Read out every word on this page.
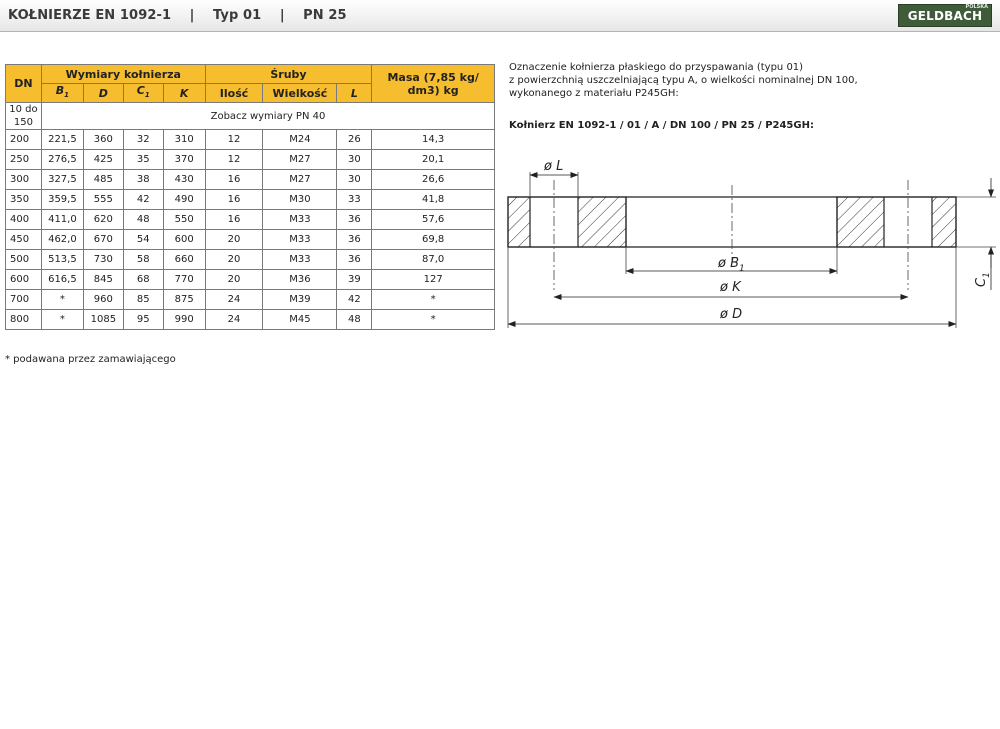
KOŁNIERZE EN 1092-1    |    Typ 01    |    PN 25
POLSKA
GELDBACH
DN	Wymiary kołnierza				Śruby			Masa (7,85 kg/ dm3) kg
	$B_1$	D	$C_1$	K	Ilość	Wielkość	L	
10 do 150	Zobacz wymiary PN 40							
200	221,5	360	32	310	12	M24	26	14,3
250	276,5	425	35	370	12	M27	30	20,1
300	327,5	485	38	430	16	M27	30	26,6
350	359,5	555	42	490	16	M30	33	41,8
400	411,0	620	48	550	16	M33	36	57,6
450	462,0	670	54	600	20	M33	36	69,8
500	513,5	730	58	660	20	M33	36	87,0
600	616,5	845	68	770	20	M36	39	127
700	*	960	85	875	24	M39	42	*
800	*	1085	95	990	24	M45	48	*
* podawana przez zamawiającego
Oznaczenie kołnierza płaskiego do przyspawania (typu 01)
z powierzchnią uszczelniającą typu A, o wielkości nominalnej DN 100,
wykonanego z materiału P245GH:
Kołnierz EN 1092-1 / 01 / A / DN 100 / PN 25 / P245GH:
ø L
ø $B_1$
ø K
ø D
$C_1$
